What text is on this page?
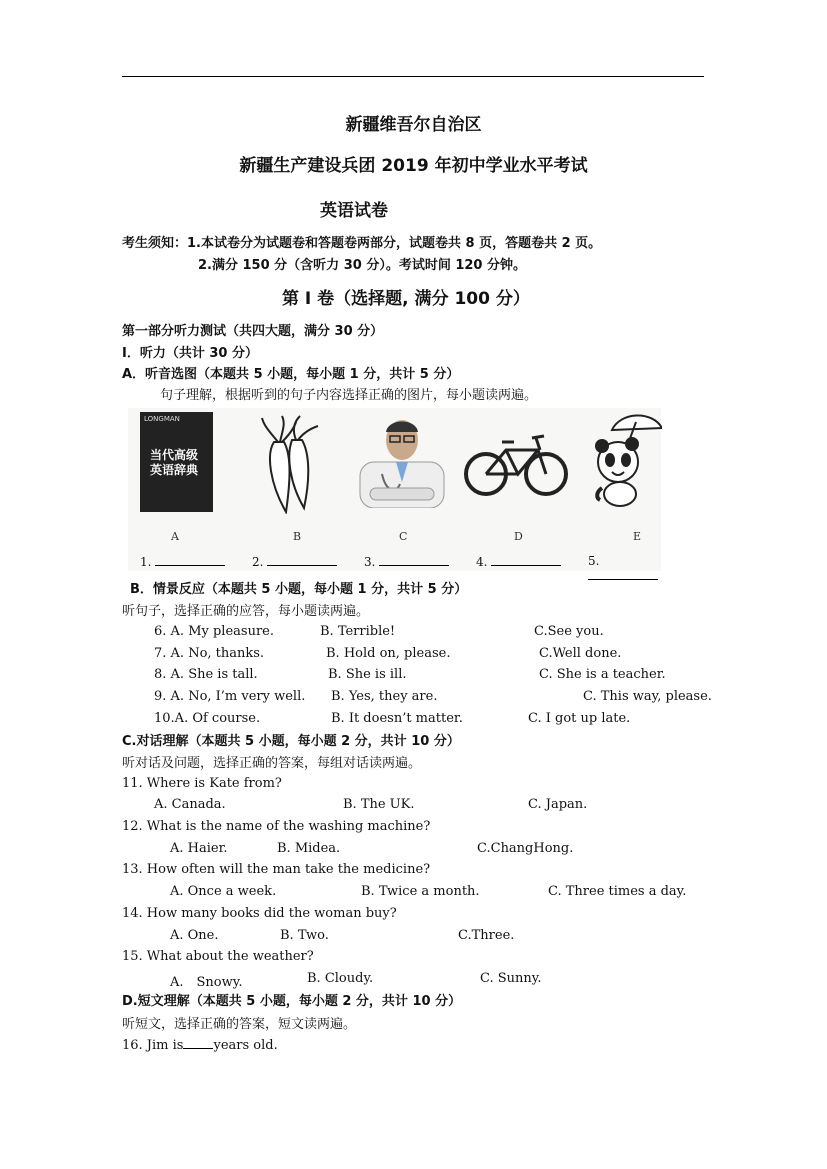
新疆维吾尔自治区
新疆生产建设兵团 2019 年初中学业水平考试
英语试卷
考生须知：1.本试卷分为试题卷和答题卷两部分，试题卷共 8 页，答题卷共 2 页。
2.满分 150 分（含听力 30 分）。考试时间 120 分钟。
第 I 卷（选择题, 满分 100 分）
第一部分听力测试（共四大题，满分 30 分）
I．听力（共计 30 分）
A．听音选图（本题共 5 小题，每小题 1 分，共计 5 分）
句子理解，根据听到的句子内容选择正确的图片，每小题读两遍。
LONGMAN
当代高级英语辞典
A	B	C	D	E
1.	2.	3.	4.	5.
B．情景反应（本题共 5 小题，每小题 1 分，共计 5 分）
听句子，选择正确的应答，每小题读两遍。
6. A. My pleasure.	B. Terrible!	C.See you.
7. A. No, thanks.	B. Hold on, please.	C.Well done.
8. A. She is tall.	B. She is ill.	C. She is a teacher.
9. A. No, I’m very well. B. Yes, they are.	C. This way, please.
10.A. Of course.	B. It doesn’t matter.	C. I got up late.
C.对话理解（本题共 5 小题，每小题 2 分，共计 10 分）
听对话及问题，选择正确的答案，每组对话读两遍。
11. Where is Kate from?
A. Canada.	B. The UK.	C. Japan.
12. What is the name of the washing machine?
A. Haier.	B. Midea.	C.ChangHong.
13. How often will the man take the medicine?
A. Once a week.	B. Twice a month.	C. Three times a day.
14. How many books did the woman buy?
A. One.	B. Two.	C.Three.
15. What about the weather?
A.　Snowy.	B. Cloudy.	C. Sunny.
D.短文理解（本题共 5 小题，每小题 2 分，共计 10 分）
听短文，选择正确的答案，短文读两遍。
16. Jim is years old.
